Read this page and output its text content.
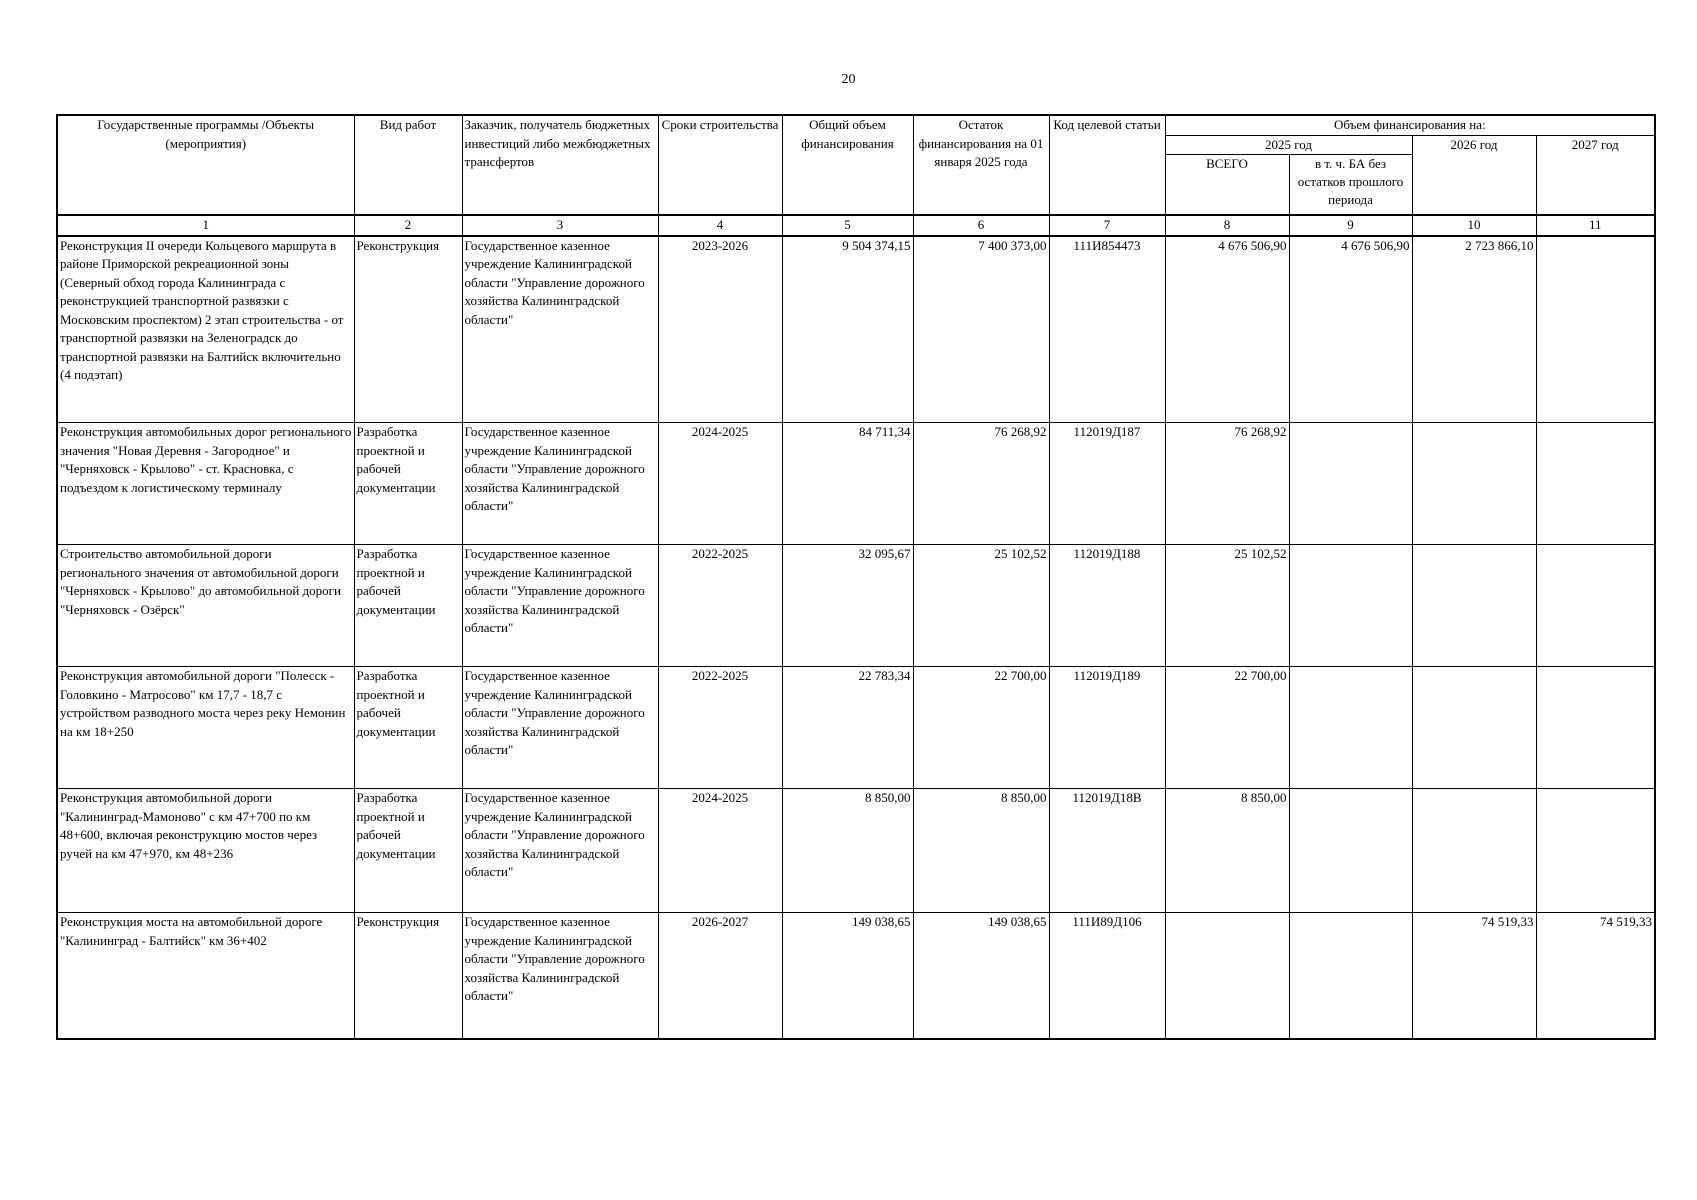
20
Государственные программы /Объекты (мероприятия)	Вид работ	Заказчик, получатель бюджетных инвестиций либо межбюджетных трансфертов	Сроки строительства	Общий объем финансирования	Остаток финансирования на 01 января 2025 года	Код целевой статьи	Объем финансирования на:			
							2025 год		2026 год	2027 год
							ВСЕГО	в т. ч. БА без остатков прошлого периода		
1	2	3	4	5	6	7	8	9	10	11
Реконструкция II очереди Кольцевого маршрута в районе Приморской рекреационной зоны (Северный обход города Калининграда с реконструкцией транспортной развязки с Московским проспектом) 2 этап строительства - от транспортной развязки на Зеленоградск до транспортной развязки на Балтийск включительно (4 подэтап)	Реконструкция	Государственное казенное учреждение Калининградской области "Управление дорожного хозяйства Калининградской области"	2023-2026	9 504 374,15	7 400 373,00	111И854473	4 676 506,90	4 676 506,90	2 723 866,10	
Реконструкция автомобильных дорог регионального значения "Новая Деревня - Загородное" и "Черняховск - Крылово" - ст. Красновка, с подъездом к логистическому терминалу	Разработка проектной и рабочей документации	Государственное казенное учреждение Калининградской области "Управление дорожного хозяйства Калининградской области"	2024-2025	84 711,34	76 268,92	112019Д187	76 268,92			
Строительство автомобильной дороги регионального значения от автомобильной дороги "Черняховск - Крылово" до автомобильной дороги "Черняховск - Озёрск"	Разработка проектной и рабочей документации	Государственное казенное учреждение Калининградской области "Управление дорожного хозяйства Калининградской области"	2022-2025	32 095,67	25 102,52	112019Д188	25 102,52			
Реконструкция автомобильной дороги "Полесск - Головкино - Матросово" км 17,7 - 18,7 с устройством разводного моста через реку Немонин на км 18+250	Разработка проектной и рабочей документации	Государственное казенное учреждение Калининградской области "Управление дорожного хозяйства Калининградской области"	2022-2025	22 783,34	22 700,00	112019Д189	22 700,00			
Реконструкция автомобильной дороги "Калининград-Мамоново" с км 47+700 по км 48+600, включая реконструкцию мостов через ручей на км 47+970, км 48+236	Разработка проектной и рабочей документации	Государственное казенное учреждение Калининградской области "Управление дорожного хозяйства Калининградской области"	2024-2025	8 850,00	8 850,00	112019Д18В	8 850,00			
Реконструкция моста на автомобильной дороге "Калининград - Балтийск" км 36+402	Реконструкция	Государственное казенное учреждение Калининградской области "Управление дорожного хозяйства Калининградской области"	2026-2027	149 038,65	149 038,65	111И89Д106			74 519,33	74 519,33
